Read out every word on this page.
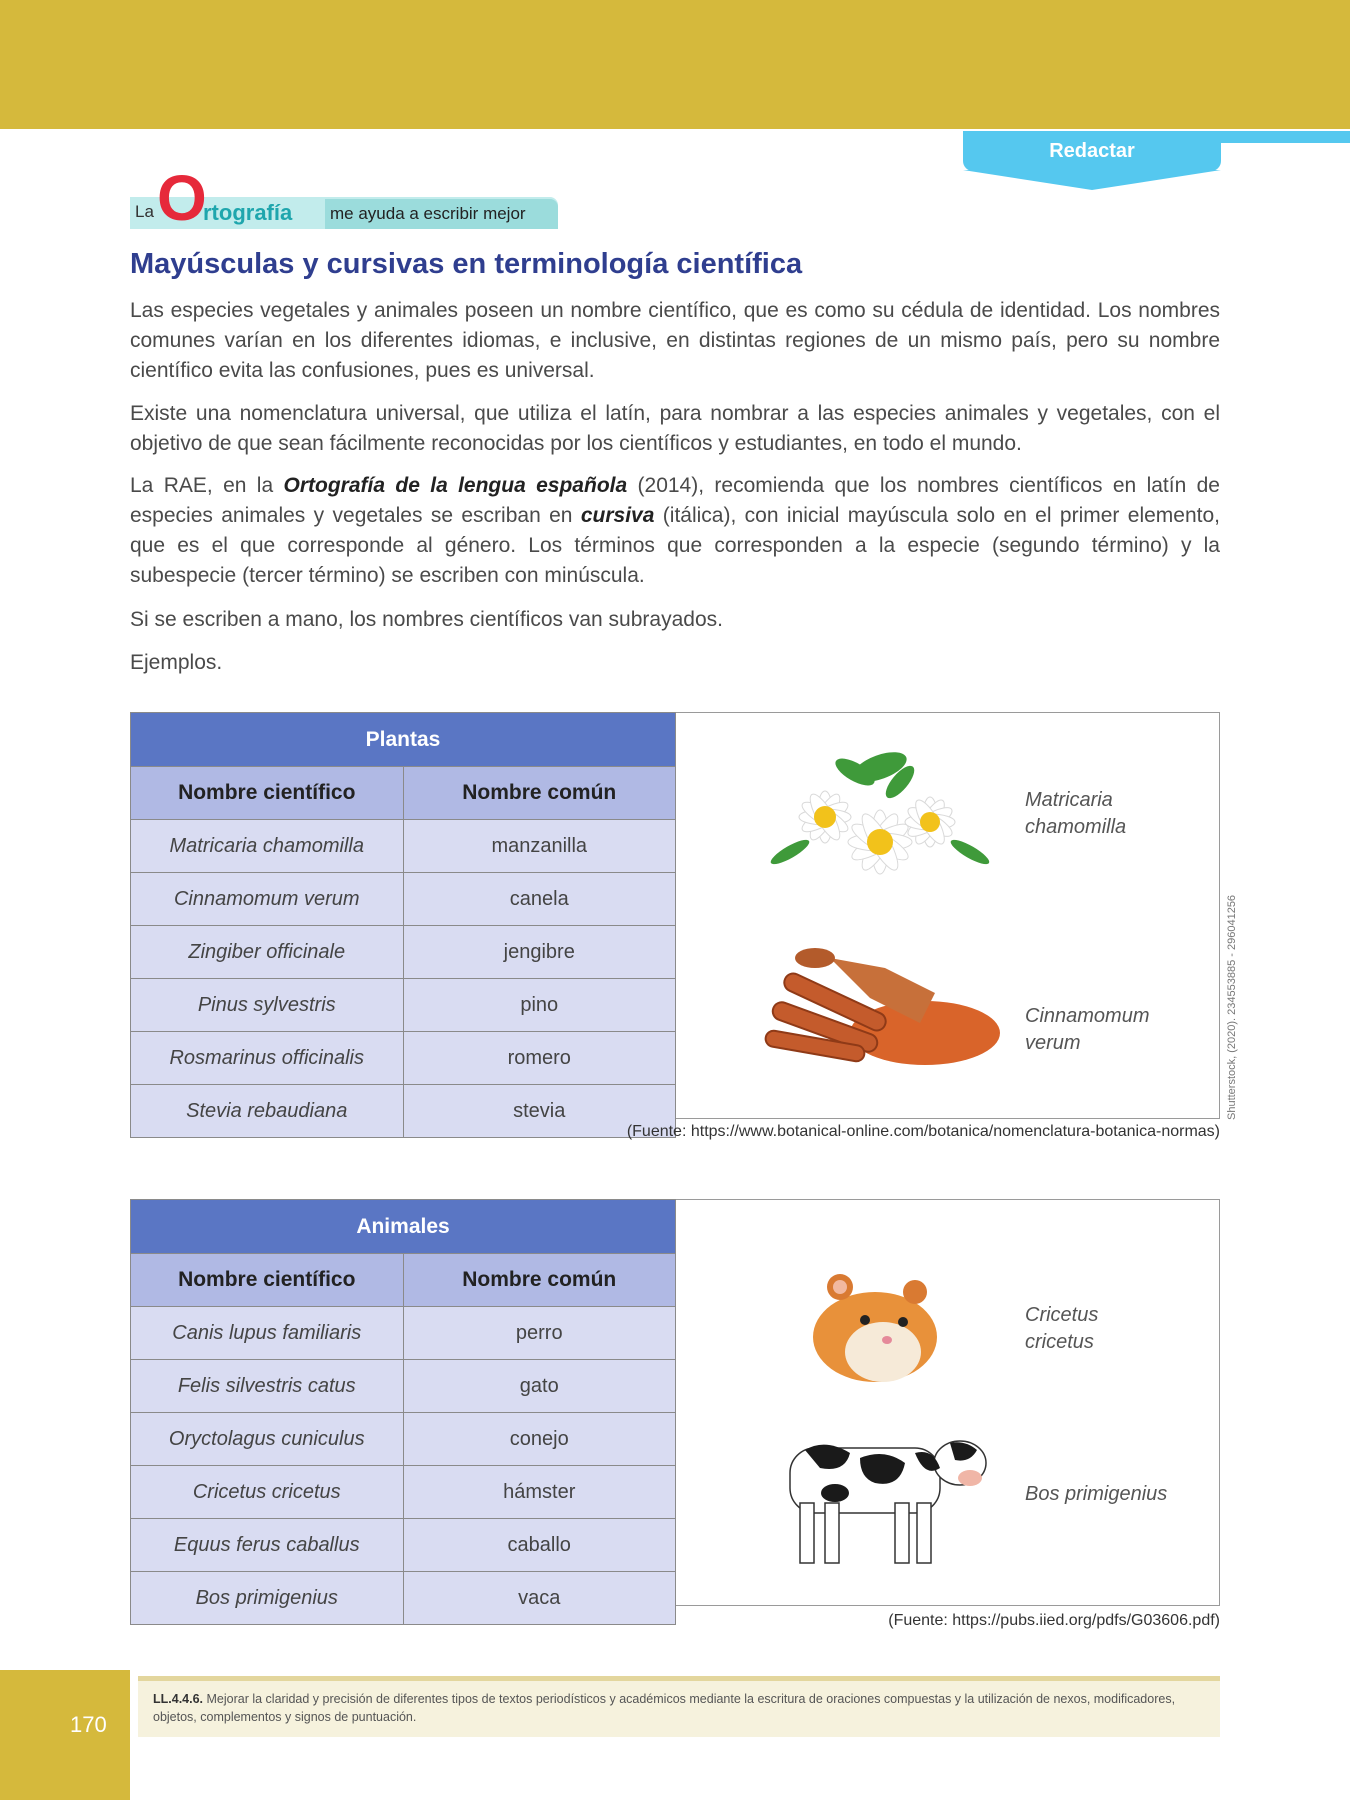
Redactar
La O
rtografía me ayuda a escribir mejor
Mayúsculas y cursivas en terminología científica

Las especies vegetales y animales poseen un nombre científico, que es como su cédula de identidad. Los nombres comunes varían en los diferentes idiomas, e inclusive, en distintas regiones de un mismo país, pero su nombre científico evita las confusiones, pues es universal.

Existe una nomenclatura universal, que utiliza el latín, para nombrar a las especies animales y vegetales, con el objetivo de que sean fácilmente reconocidas por los científicos y estudiantes, en todo el mundo.

La RAE, en la Ortografía de la lengua española (2014), recomienda que los nombres científicos en latín de especies animales y vegetales se escriban en cursiva (itálica), con inicial mayúscula solo en el primer elemento, que es el que corresponde al género. Los términos que corresponden a la especie (segundo término) y la subespecie (tercer término) se escriben con minúscula.

Si se escriben a mano, los nombres científicos van subrayados.

Ejemplos.

Plantas	
Nombre científico	Nombre común
Matricaria chamomilla	manzanilla
Cinnamomum verum	canela
Zingiber officinale	jengibre
Pinus sylvestris	pino
Rosmarinus officinalis	romero
Stevia rebaudiana	stevia
Matricaria
chamomilla
Cinnamomum
verum
(Fuente: https://www.botanical-online.com/botanica/nomenclatura-botanica-normas)
Shutterstock, (2020). 234553885 - 296041256
Animales	
Nombre científico	Nombre común
Canis lupus familiaris	perro
Felis silvestris catus	gato
Oryctolagus cuniculus	conejo
Cricetus cricetus	hámster
Equus ferus caballus	caballo
Bos primigenius	vaca
Cricetus
cricetus
Bos primigenius
(Fuente: https://pubs.iied.org/pdfs/G03606.pdf)
170
LL.4.4.6. Mejorar la claridad y precisión de diferentes tipos de textos periodísticos y académicos mediante la escritura de oraciones compuestas y la utilización de nexos, modificadores, objetos, complementos y signos de puntuación.
